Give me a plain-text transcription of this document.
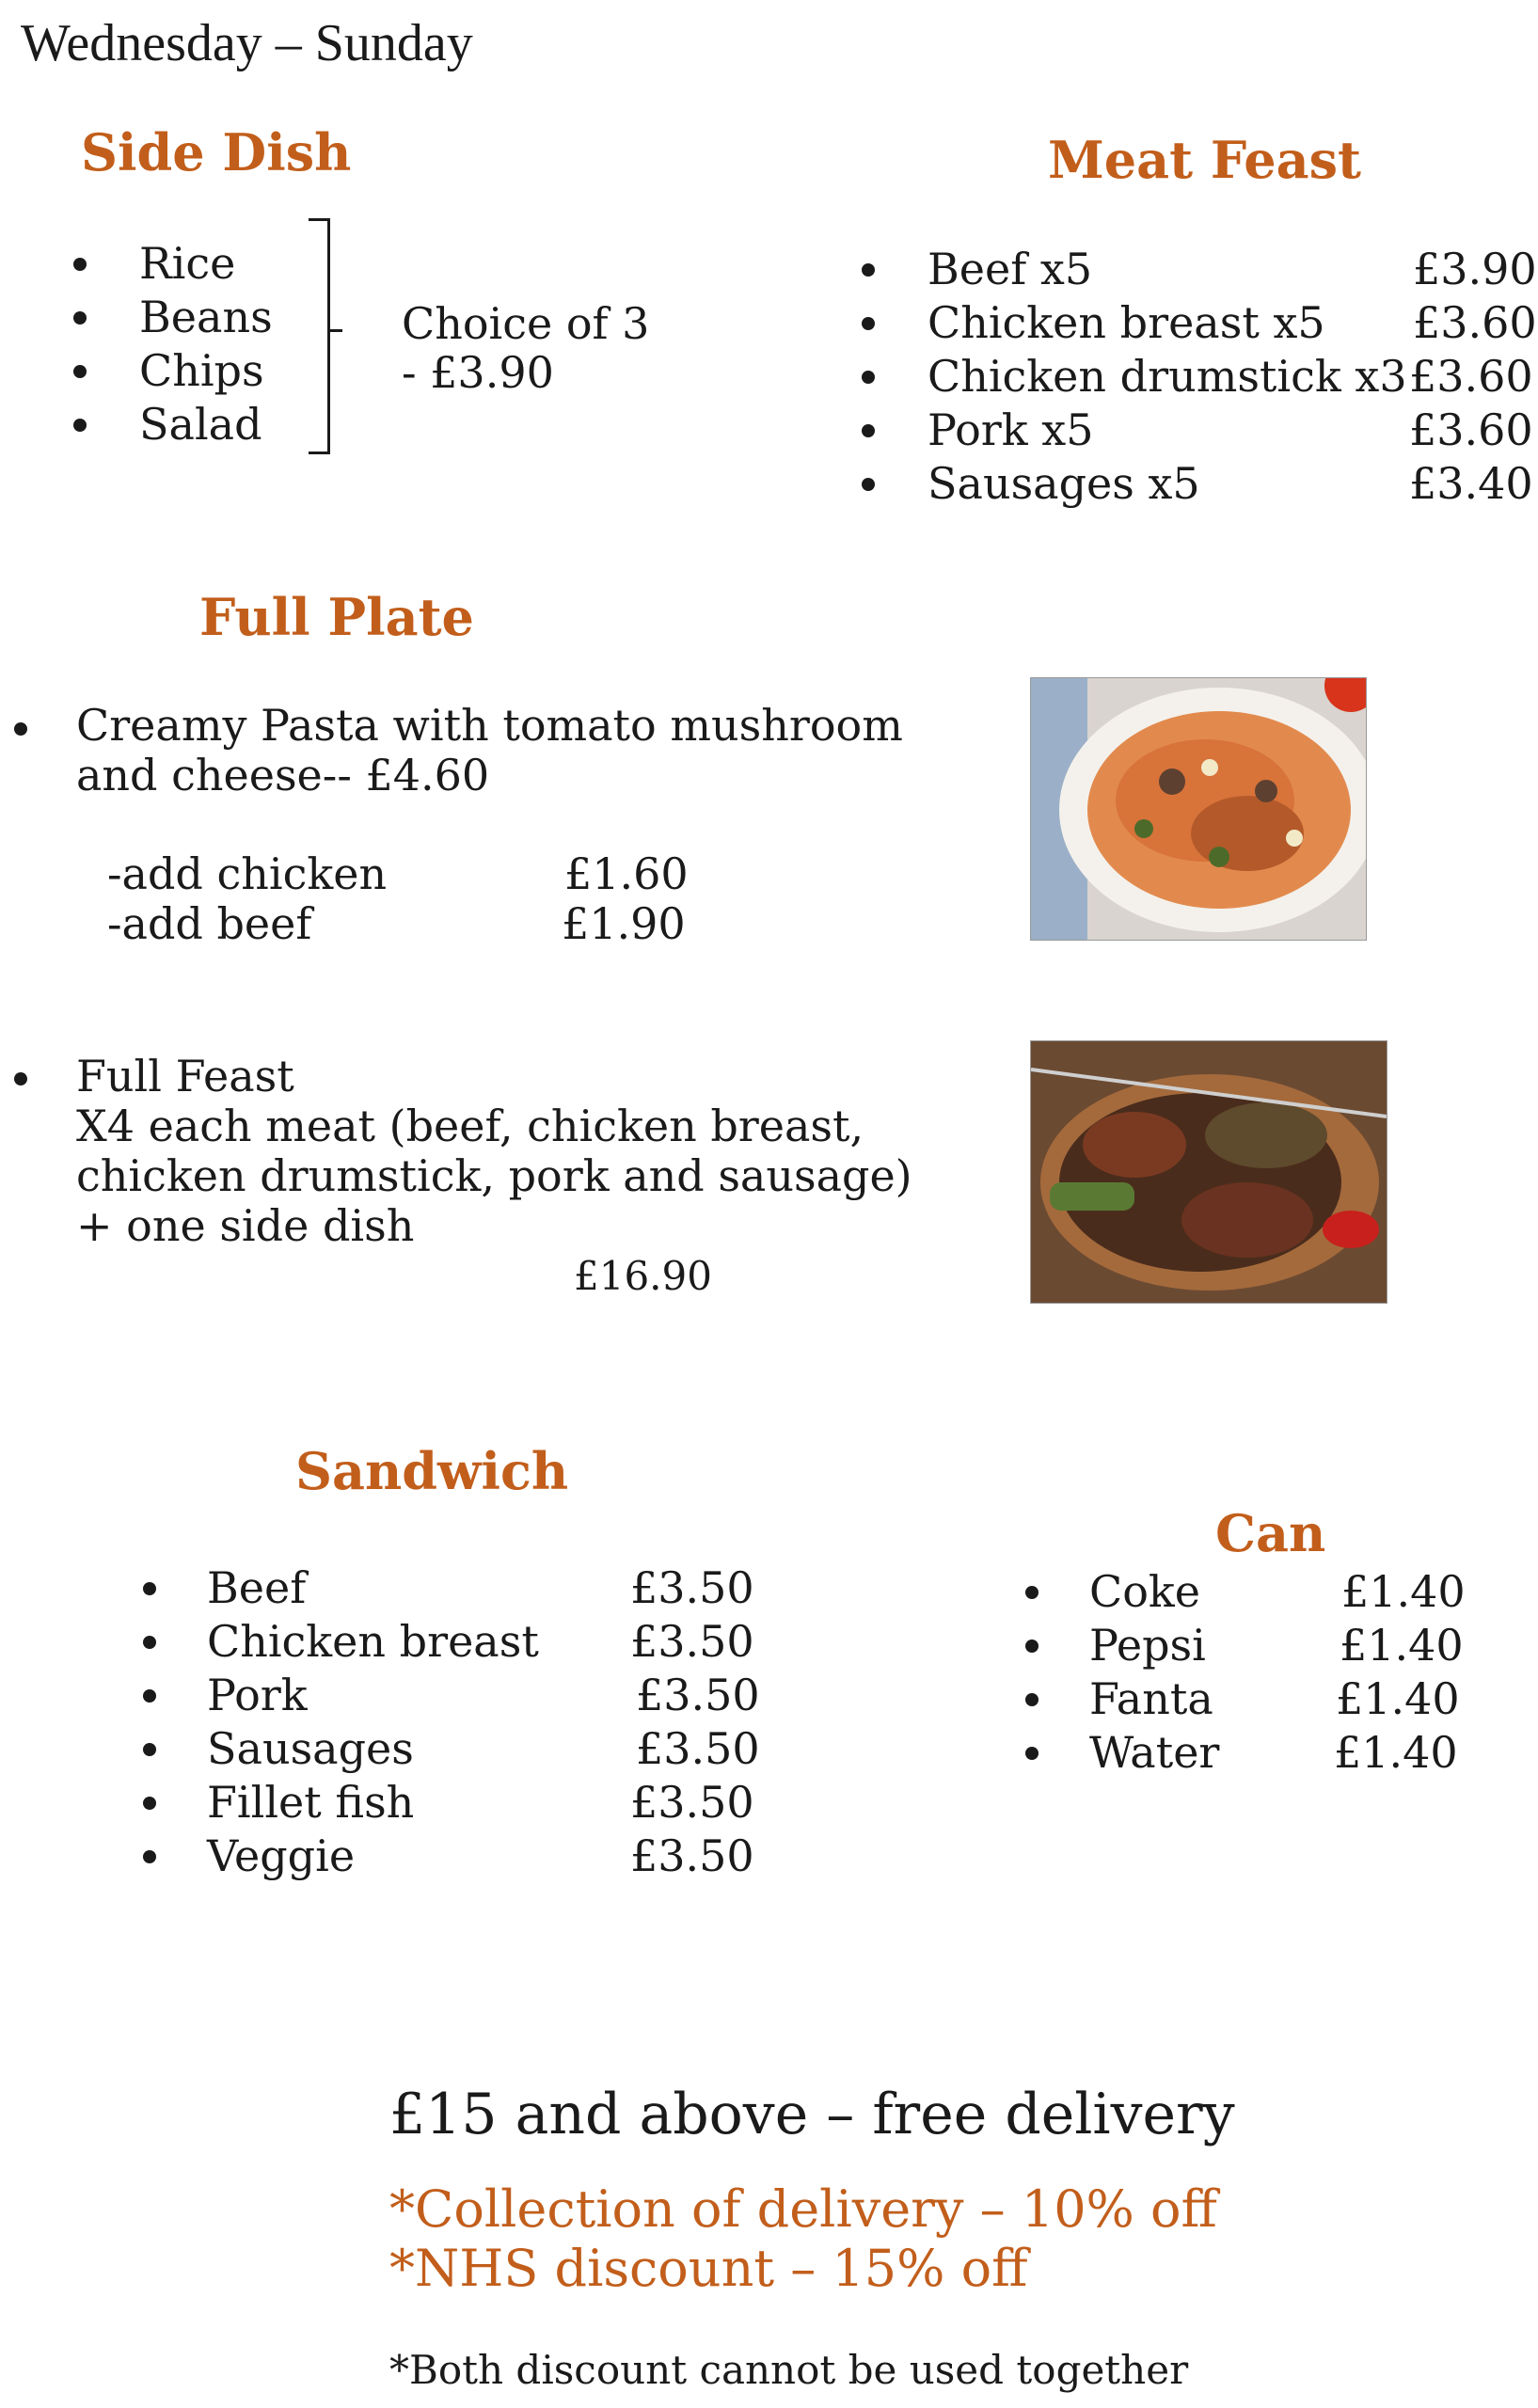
Wednesday – Sunday
Side Dish
Rice
Beans
Chips
Salad
Choice of 3
- £3.90
Meat Feast
Beef x5	£3.90
Chicken breast x5 £3.60
Chicken drumstick x3 £3.60
Pork x5	£3.60
Sausages x5	£3.40
Full Plate
Creamy Pasta with tomato mushroom
and cheese-- £4.60
-add chicken	£1.60
-add beef	£1.90
Full Feast
X4 each meat (beef, chicken breast,
chicken drumstick, pork and sausage)
+ one side dish
£16.90
Sandwich
Beef	£3.50
Chicken breast £3.50
Pork	£3.50
Sausages	£3.50
Fillet fish	£3.50
Veggie	£3.50
Can
Coke	£1.40
Pepsi	£1.40
Fanta	£1.40
Water	£1.40
£15 and above – free delivery
*Collection of delivery – 10% off
*NHS discount – 15% off
*Both discount cannot be used together
